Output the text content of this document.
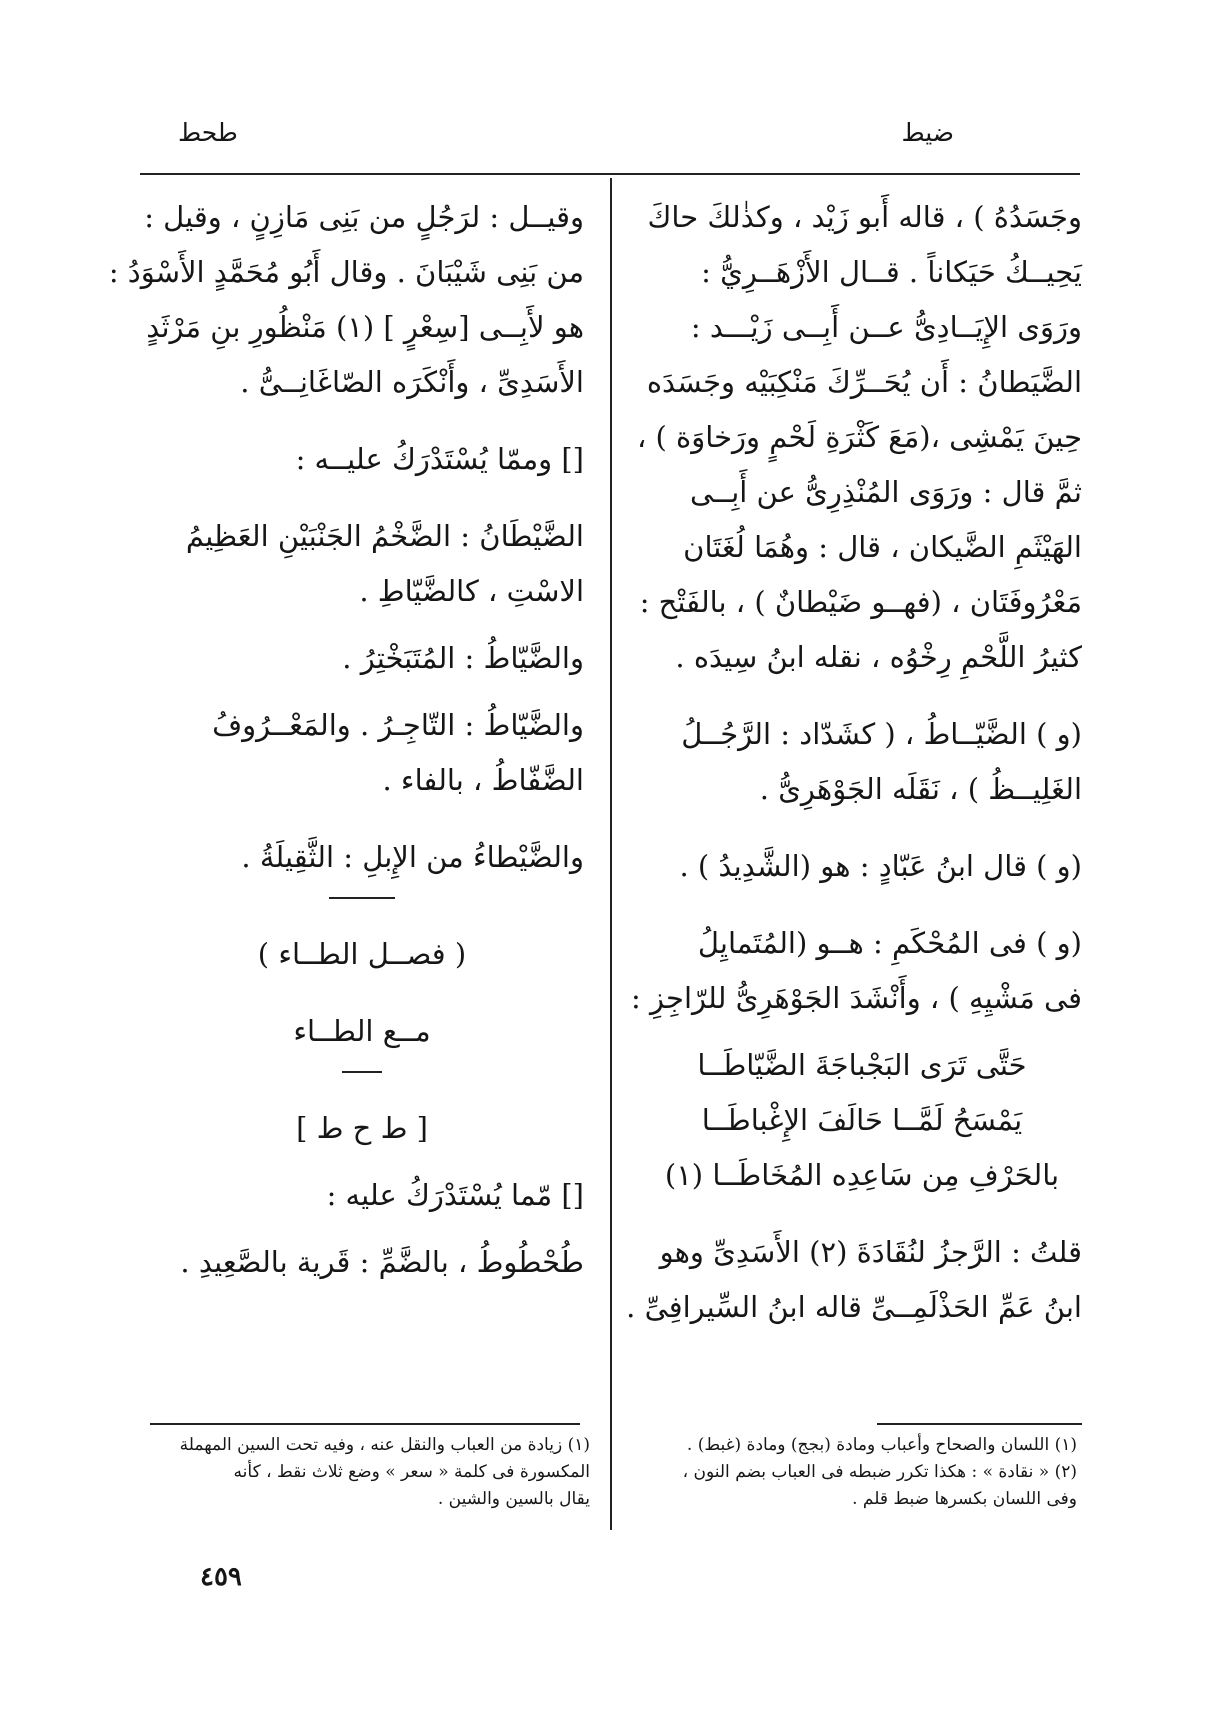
ضيط
طحط

وجَسَدُهُ ) ، قاله أَبو زَيْد ، وكذٰلكَ حاكَ

يَحِيــكُ حَيَكاناً . قــال الأَزْهَــرِيُّ :

ورَوَى الإِيَــادِىُّ عــن أَبِــى زَيْـــد :

الضَّيَطانُ : أَن يُحَــرِّكَ مَنْكِبَيْه وجَسَدَه

حِينَ يَمْشِى ،(مَعَ كَثْرَةِ لَحْمٍ ورَخاوَة ) ،

ثمَّ قال : ورَوَى المُنْذِرِىُّ عن أَبِــى

الهَيْثَمِ الضَّيكان ، قال : وهُمَا لُغَتَان

مَعْرُوفَتَان ، (فهــو ضَيْطانٌ ) ، بالفَتْح :

كثيرُ اللَّحْمِ رِخْوُه ، نقله ابنُ سِيدَه .

(و ) الضَّيّــاطُ ، ( كشَدّاد : الرَّجُــلُ

الغَلِيــظُ ) ، نَقَلَه الجَوْهَرِىُّ .

(و ) قال ابنُ عَبّادٍ : هو (الشَّدِيدُ ) .

(و ) فى المُحْكَمِ : هــو (المُتَمايِلُ

فى مَشْيِهِ ) ، وأَنْشَدَ الجَوْهَرِىُّ للرّاجِزِ :

حَتَّى تَرَى البَجْباجَةَ الضَّيّاطَــا

يَمْسَحُ لَمَّــا حَالَفَ الإِغْباطَــا

بالحَرْفِ مِن سَاعِدِه المُخَاطَــا (١)

قلتُ : الرَّجزُ لنُقَادَةَ (٢) الأَسَدِىِّ وهو

ابنُ عَمِّ الحَذْلَمِــىِّ قاله ابنُ السِّيرافِىِّ .

وقيــل : لرَجُلٍ من بَنِى مَازِنٍ ، وقيل :

من بَنِى شَيْبَانَ . وقال أَبُو مُحَمَّدٍ الأَسْوَدُ :

هو لأَبِــى [سِعْرٍ ] (١) مَنْظُورِ بنِ مَرْثَدٍ

الأَسَدِىِّ ، وأَنْكَرَه الصّاغَانِــىُّ .

[] وممّا يُسْتَدْرَكُ عليــه :

الضَّيْطَانُ : الضَّخْمُ الجَنْبَيْنِ العَظِيمُ

الاسْتِ ، كالضَّيّاطِ .

والضَّيّاطُ : المُتَبَخْتِرُ .

والضَّيّاطُ : التّاجِـرُ . والمَعْــرُوفُ

الضَّفّاطُ ، بالفاء .

والضَّيْطاءُ من الإِبلِ : الثَّقِيلَةُ .

( فصــل الطــاء )

مــع الطــاء

[ ط ح ط ]

[] مّما يُسْتَدْرَكُ عليه :

طُحْطُوطُ ، بالضَّمِّ : قَرية بالصَّعِيدِ .

(١) اللسان والصحاح وأعباب ومادة (بجج) ومادة (غبط) .

(٢) « نقادة » : هكذا تكرر ضبطه فى العباب بضم النون ،

وفى اللسان بكسرها ضبط قلم .

(١) زيادة من العباب والنقل عنه ، وفيه تحت السين المهملة

المكسورة فى كلمة « سعر » وضع ثلاث نقط ، كأنه

يقال بالسين والشين .

٤٥٩
